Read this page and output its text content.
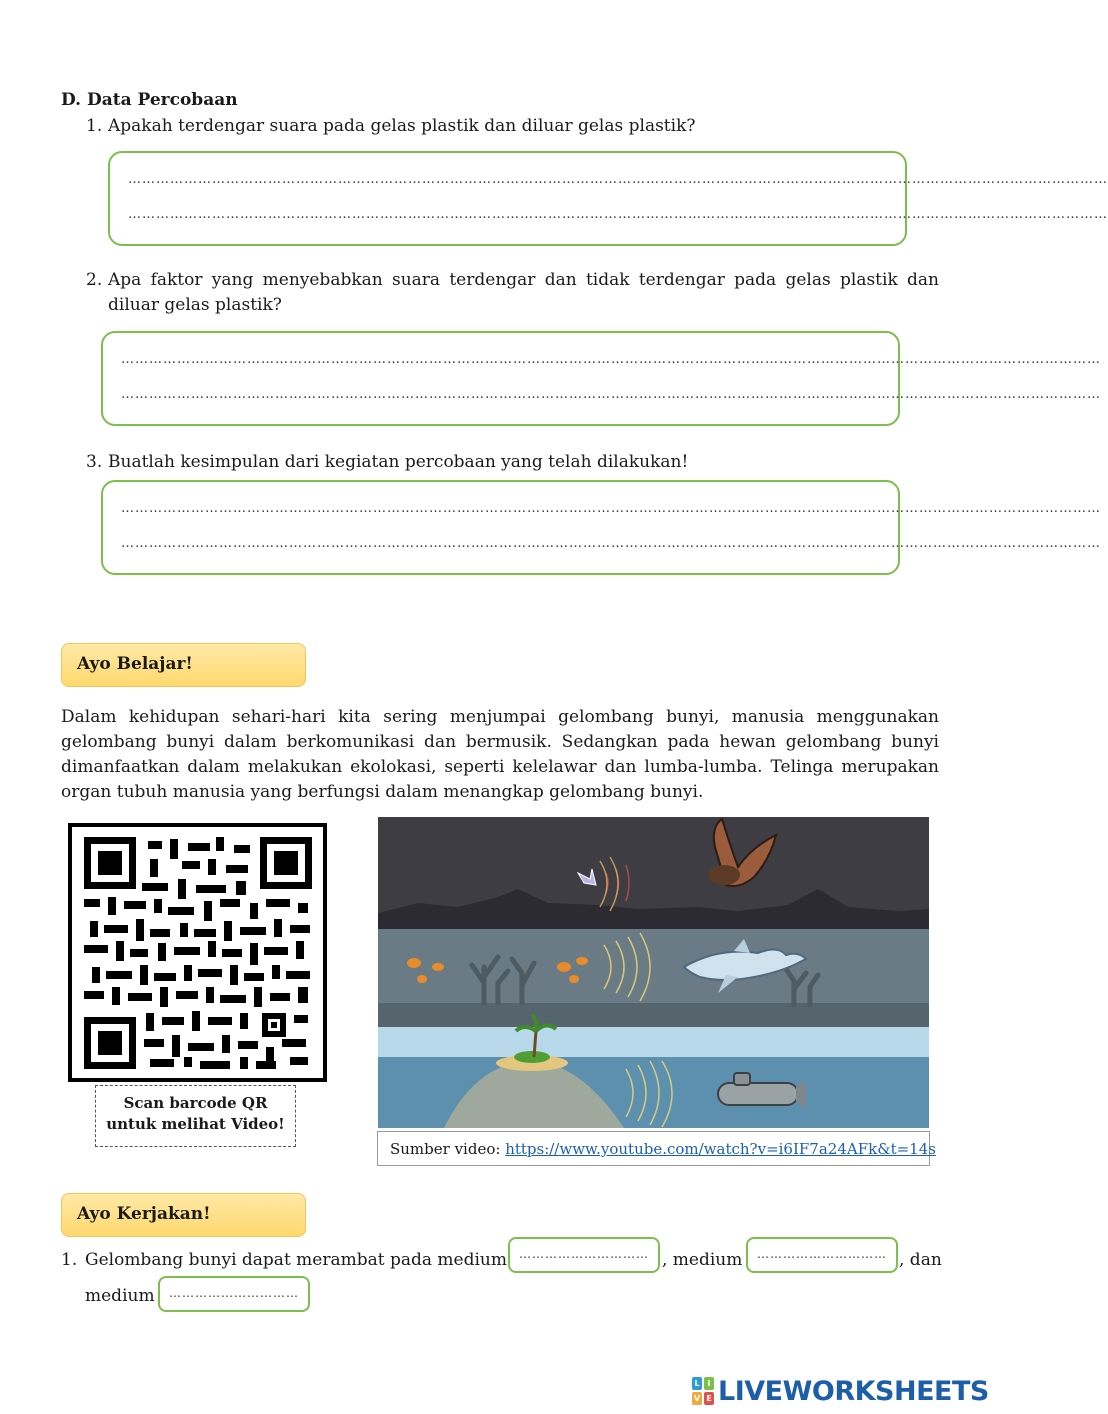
D. Data Percobaan
1. Apakah terdengar suara pada gelas plastik dan diluar gelas plastik?
…………………………………………………………………………………………………………………………………………………………………………………………
…………………………………………………………………………………………………………………………………………………………………………………………
2. Apa faktor yang menyebabkan suara terdengar dan tidak terdengar pada gelas plastik dan diluar gelas plastik?
…………………………………………………………………………………………………………………………………………………………………………………………
…………………………………………………………………………………………………………………………………………………………………………………………
3. Buatlah kesimpulan dari kegiatan percobaan yang telah dilakukan!
…………………………………………………………………………………………………………………………………………………………………………………………
…………………………………………………………………………………………………………………………………………………………………………………………
Ayo Belajar!
Dalam kehidupan sehari-hari kita sering menjumpai gelombang bunyi, manusia menggunakan gelombang bunyi dalam berkomunikasi dan bermusik. Sedangkan pada hewan gelombang bunyi dimanfaatkan dalam melakukan ekolokasi, seperti kelelawar dan lumba-lumba. Telinga merupakan organ tubuh manusia yang berfungsi dalam menangkap gelombang bunyi.
Scan barcode QR
untuk melihat Video!
Sumber video: https://www.youtube.com/watch?v=i6IF7a24AFk&t=14s
Ayo Kerjakan!
1. Gelombang bunyi dapat merambat pada medium ………………………… , medium	………………………… , dan
medium	…………………………
L I
V E LIVEWORKSHEETS
